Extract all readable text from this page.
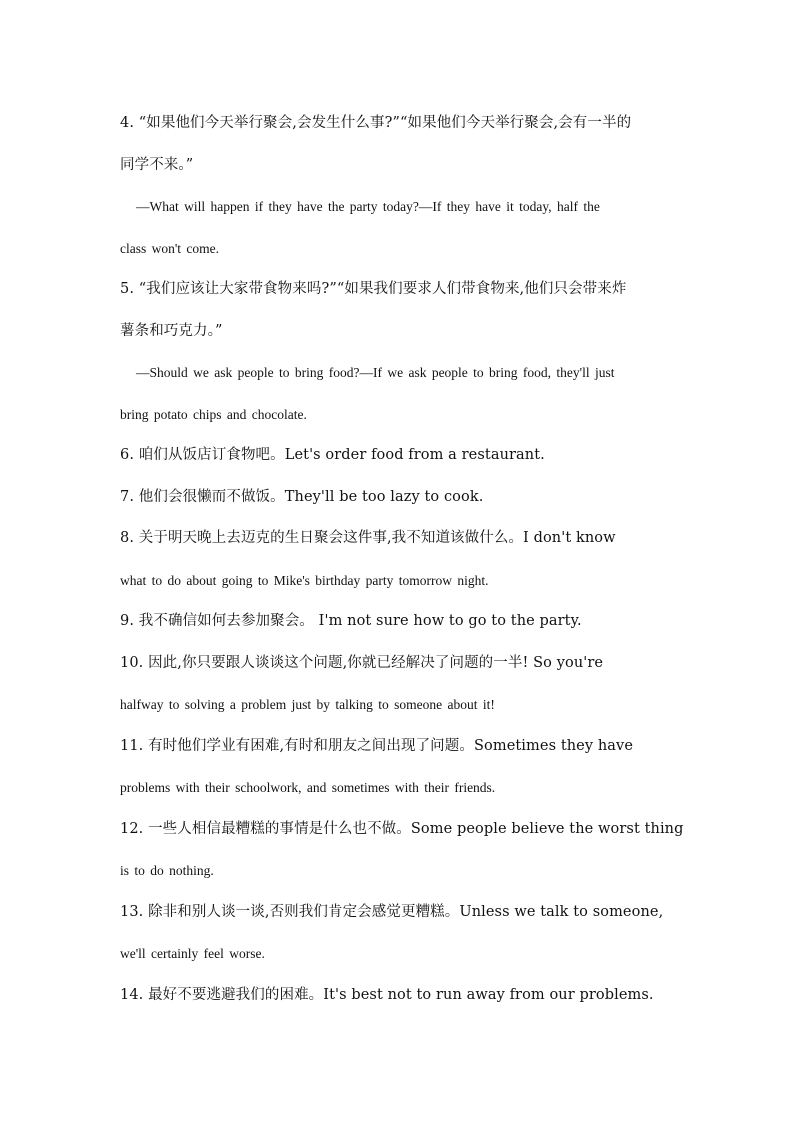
4. “如果他们今天举行聚会,会发生什么事?”“如果他们今天举行聚会,会有一半的
同学不来。”
—What will happen if they have the party today?—If they have it today, half the
class won't come.
5. “我们应该让大家带食物来吗?”“如果我们要求人们带食物来,他们只会带来炸
薯条和巧克力。”
—Should we ask people to bring food?—If we ask people to bring food, they'll just
bring potato chips and chocolate.
6. 咱们从饭店订食物吧。Let's order food from a restaurant.
7. 他们会很懒而不做饭。They'll be too lazy to cook.
8. 关于明天晚上去迈克的生日聚会这件事,我不知道该做什么。I don't know
what to do about going to Mike's birthday party tomorrow night.
9. 我不确信如何去参加聚会。 I'm not sure how to go to the party.
10. 因此,你只要跟人谈谈这个问题,你就已经解决了问题的一半! So you're
halfway to solving a problem just by talking to someone about it!
11. 有时他们学业有困难,有时和朋友之间出现了问题。Sometimes they have
problems with their schoolwork, and sometimes with their friends.
12. 一些人相信最糟糕的事情是什么也不做。Some people believe the worst thing
is to do nothing.
13. 除非和别人谈一谈,否则我们肯定会感觉更糟糕。Unless we talk to someone,
we'll certainly feel worse.
14. 最好不要逃避我们的困难。It's best not to run away from our problems.
